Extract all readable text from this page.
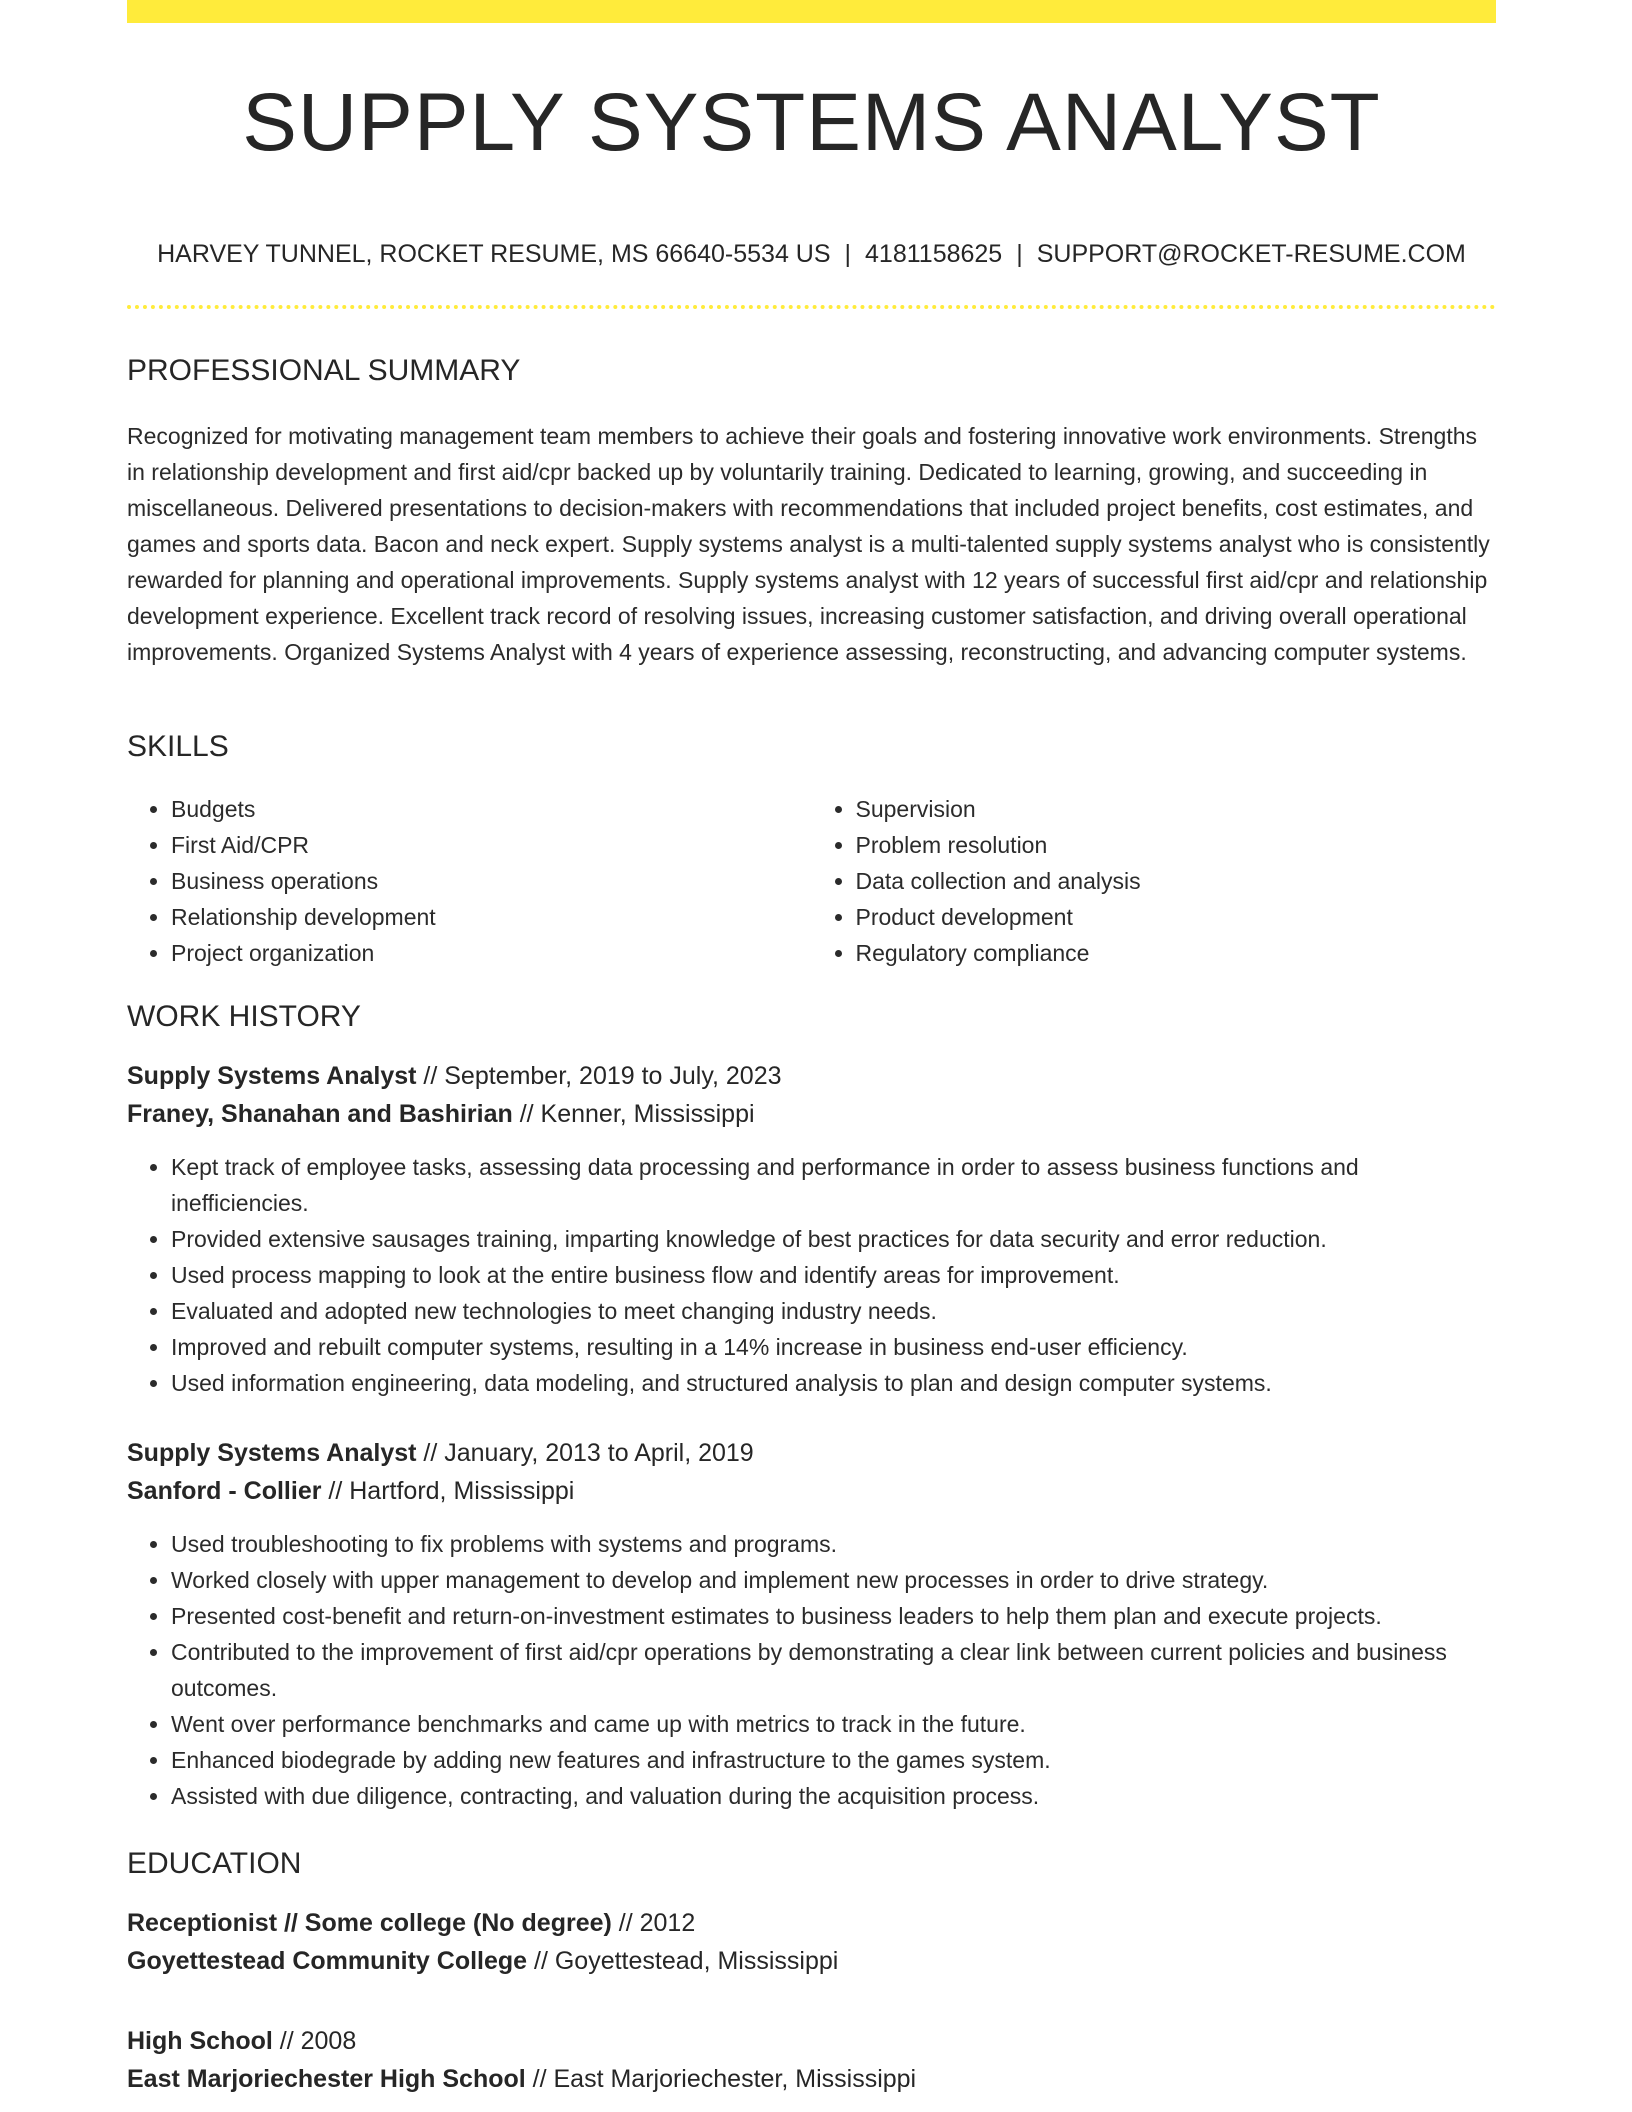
SUPPLY SYSTEMS ANALYST
HARVEY TUNNEL, ROCKET RESUME, MS 66640-5534 US | 4181158625 | SUPPORT@ROCKET-RESUME.COM
PROFESSIONAL SUMMARY

Recognized for motivating management team members to achieve their goals and fostering innovative work environments. Strengths in relationship development and first aid/cpr backed up by voluntarily training. Dedicated to learning, growing, and succeeding in miscellaneous. Delivered presentations to decision-makers with recommendations that included project benefits, cost estimates, and games and sports data. Bacon and neck expert. Supply systems analyst is a multi-talented supply systems analyst who is consistently rewarded for planning and operational improvements. Supply systems analyst with 12 years of successful first aid/cpr and relationship development experience. Excellent track record of resolving issues, increasing customer satisfaction, and driving overall operational improvements. Organized Systems Analyst with 4 years of experience assessing, reconstructing, and advancing computer systems.

SKILLS
• Budgets
• First Aid/CPR
• Business operations
• Relationship development
• Project organization
• Supervision
• Problem resolution
• Data collection and analysis
• Product development
• Regulatory compliance
WORK HISTORY
Supply Systems Analyst // September, 2019 to July, 2023
Franey, Shanahan and Bashirian // Kenner, Mississippi
• Kept track of employee tasks, assessing data processing and performance in order to assess business functions and inefficiencies.
• Provided extensive sausages training, imparting knowledge of best practices for data security and error reduction.
• Used process mapping to look at the entire business flow and identify areas for improvement.
• Evaluated and adopted new technologies to meet changing industry needs.
• Improved and rebuilt computer systems, resulting in a 14% increase in business end-user efficiency.
• Used information engineering, data modeling, and structured analysis to plan and design computer systems.
Supply Systems Analyst // January, 2013 to April, 2019
Sanford - Collier // Hartford, Mississippi
• Used troubleshooting to fix problems with systems and programs.
• Worked closely with upper management to develop and implement new processes in order to drive strategy.
• Presented cost-benefit and return-on-investment estimates to business leaders to help them plan and execute projects.
• Contributed to the improvement of first aid/cpr operations by demonstrating a clear link between current policies and business outcomes.
• Went over performance benchmarks and came up with metrics to track in the future.
• Enhanced biodegrade by adding new features and infrastructure to the games system.
• Assisted with due diligence, contracting, and valuation during the acquisition process.
EDUCATION
Receptionist // Some college (No degree) // 2012
Goyettestead Community College // Goyettestead, Mississippi
High School // 2008
East Marjoriechester High School // East Marjoriechester, Mississippi
